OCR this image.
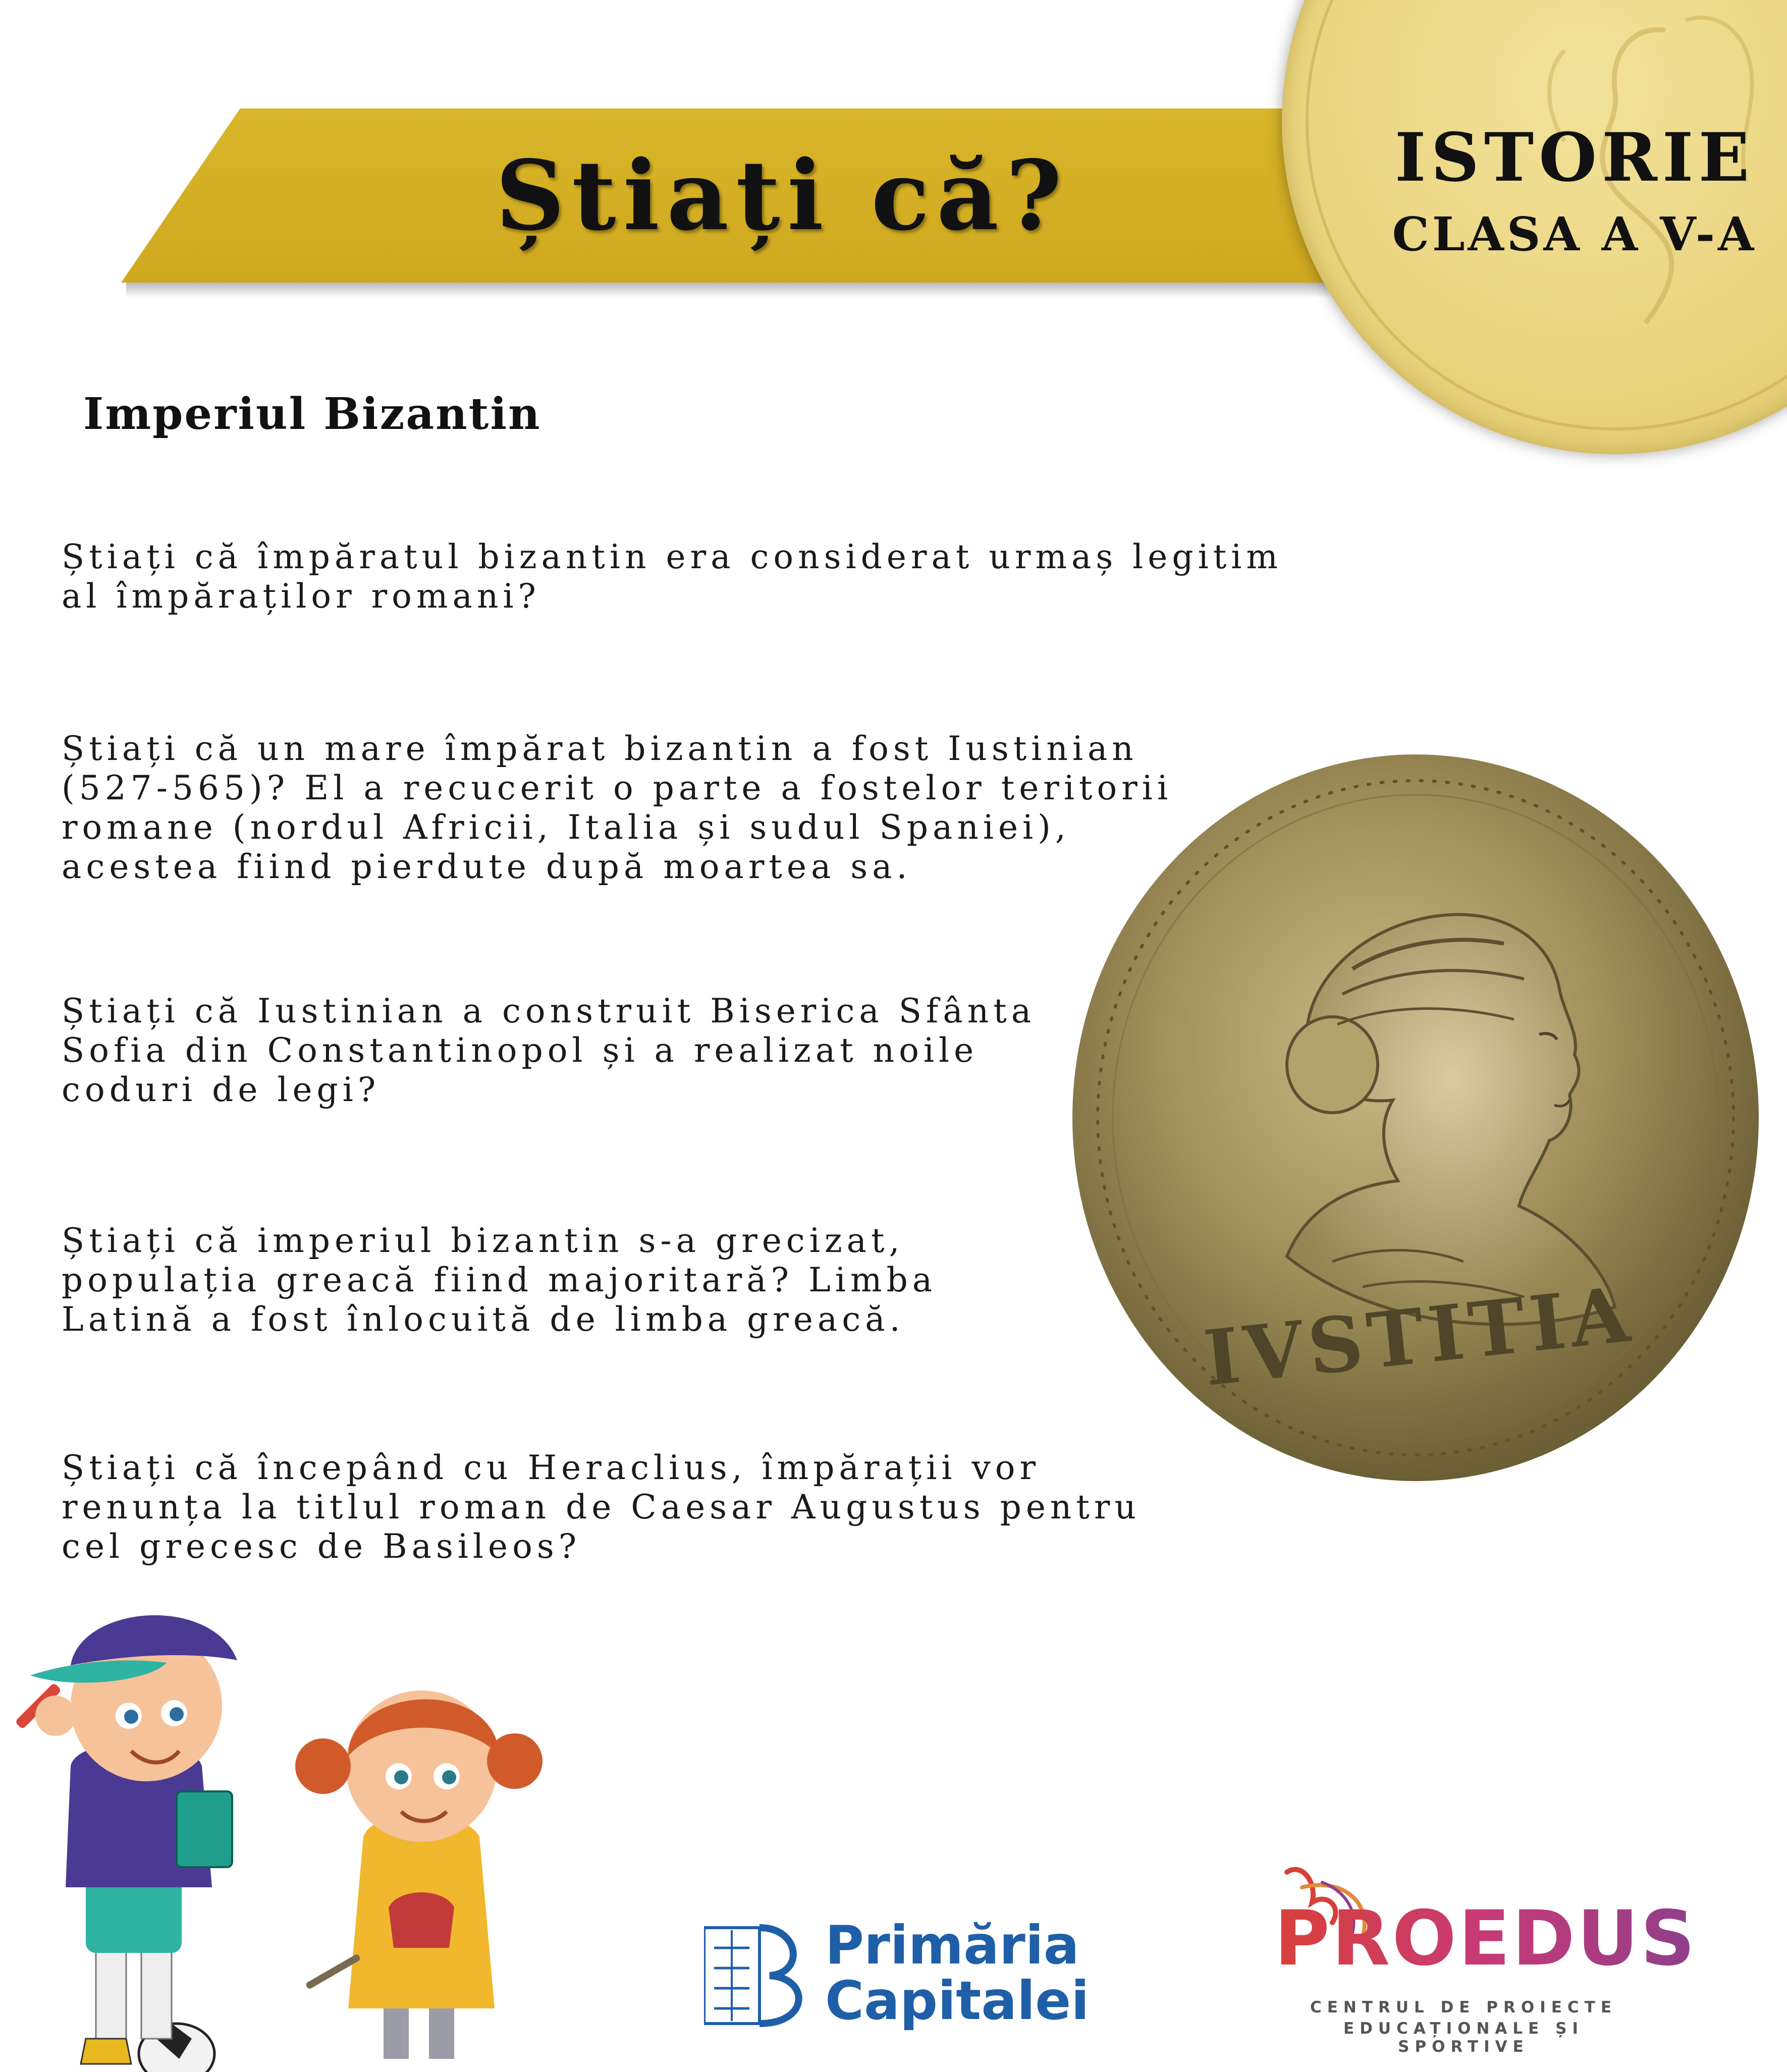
Știați că?	ISTORIE
CLASA A V-A
Imperiul Bizantin
Știați că împăratul bizantin era considerat urmaș legitim
al împăraților romani?
Știați că un mare împărat bizantin a fost Iustinian
(527-565)? El a recucerit o parte a fostelor teritorii
romane (nordul Africii, Italia și sudul Spaniei),
acestea fiind pierdute după moartea sa.
Știați că Iustinian a construit Biserica Sfânta
Sofia din Constantinopol și a realizat noile
coduri de legi?
Știați că imperiul bizantin s-a grecizat,
populația greacă fiind majoritară? Limba
Latină a fost înlocuită de limba greacă.
Știați că începând cu Heraclius, împărații vor
renunța la titlul roman de Caesar Augustus pentru
cel grecesc de Basileos?
IVSTITIA
Primăria
Capitalei
PROEDUS
CENTRUL DE PROIECTE
EDUCAȚIONALE ȘI SPORTIVE
